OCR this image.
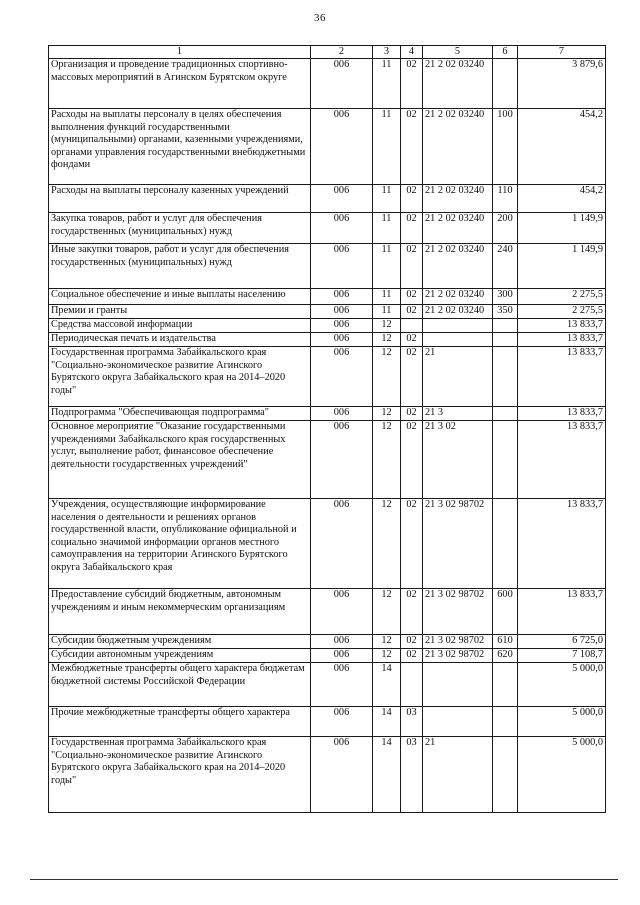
36
1	2	3	4	5	6	7
Организация и проведение традиционных спортивно-массовых мероприятий в Агинском Бурятском округе	006	11	02	21 2 02 03240		3 879,6
Расходы на выплаты персоналу в целях обеспечения выполнения функций государственными (муниципальными) органами, казенными учреждениями, органами управления государственными внебюджетными фондами	006	11	02	21 2 02 03240	100	454,2
Расходы на выплаты персоналу казенных учреждений	006	11	02	21 2 02 03240	110	454,2
Закупка товаров, работ и услуг для обеспечения государственных (муниципальных) нужд	006	11	02	21 2 02 03240	200	1 149,9
Иные закупки товаров, работ и услуг для обеспечения государственных (муниципальных) нужд	006	11	02	21 2 02 03240	240	1 149,9
Социальное обеспечение и иные выплаты населению	006	11	02	21 2 02 03240	300	2 275,5
Премии и гранты	006	11	02	21 2 02 03240	350	2 275,5
Средства массовой информации	006	12				13 833,7
Периодическая печать и издательства	006	12	02			13 833,7
Государственная программа Забайкальского края "Социально-экономическое развитие Агинского Бурятского округа Забайкальского края на 2014–2020 годы"	006	12	02	21		13 833,7
Подпрограмма "Обеспечивающая подпрограмма"	006	12	02	21 3		13 833,7
Основное мероприятие "Оказание государственными учреждениями Забайкальского края государственных услуг, выполнение работ, финансовое обеспечение деятельности государственных учреждений"	006	12	02	21 3 02		13 833,7
Учреждения, осуществляющие информирование населения о деятельности и решениях органов государственной власти, опубликование официальной и социально значимой информации органов местного самоуправления на территории Агинского Бурятского округа Забайкальского края	006	12	02	21 3 02 98702		13 833,7
Предоставление субсидий бюджетным, автономным учреждениям и иным некоммерческим организациям	006	12	02	21 3 02 98702	600	13 833,7
Субсидии бюджетным учреждениям	006	12	02	21 3 02 98702	610	6 725,0
Субсидии автономным учреждениям	006	12	02	21 3 02 98702	620	7 108,7
Межбюджетные трансферты общего характера бюджетам бюджетной системы Российской Федерации	006	14				5 000,0
Прочие межбюджетные трансферты общего характера	006	14	03			5 000,0
Государственная программа Забайкальского края "Социально-экономическое развитие Агинского Бурятского округа Забайкальского края на 2014–2020 годы"	006	14	03	21		5 000,0
